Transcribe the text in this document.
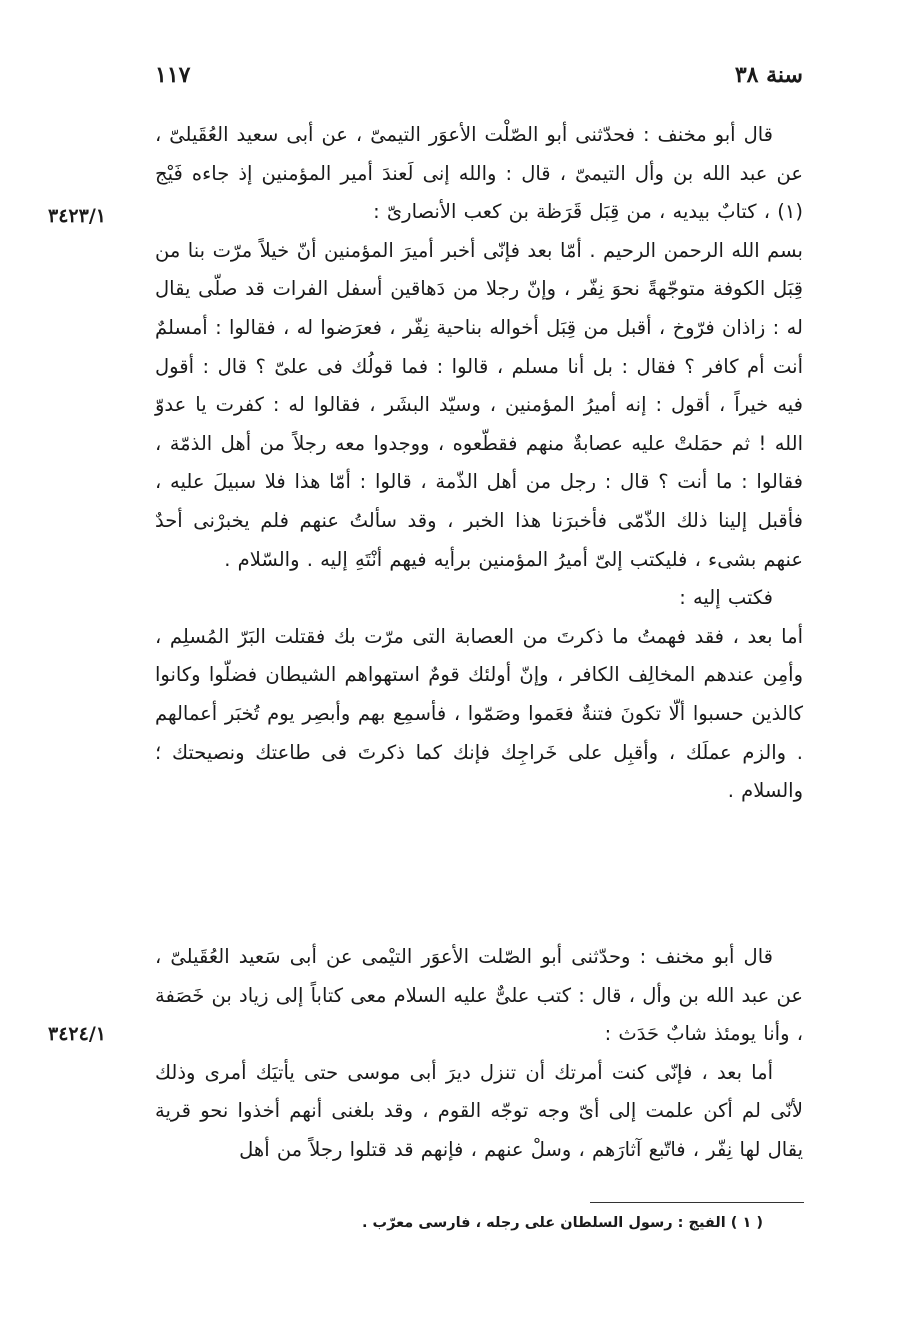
١١٧	سنة ٣٨
٣٤٢٣/١
٣٤٢٤/١

قال أبو مخنف : فحدّثنى أبو الصّلْت الأعوَر التيمىّ ، عن أبى سعيد العُقَيلىّ ، عن عبد الله بن وأل التيمىّ ، قال : والله إنى لَعندَ أمير المؤمنين إذ جاءه فَيْج (١) ، كتابٌ بيديه ، من قِبَل قَرَظة بن كعب الأنصارىّ :

بسم الله الرحمن الرحيم . أمّا بعد فإنّى أخبر أميرَ المؤمنين أنّ خيلاً مرّت بنا من قِبَل الكوفة متوجّهةً نحوَ نِفّر ، وإنّ رجلا من دَهاقين أسفل الفرات قد صلّى يقال له : زاذان فرّوخ ، أقبل من قِبَل أخواله بناحية نِفّر ، فعرَضوا له ، فقالوا : أمسلمٌ أنت أم كافر ؟ فقال : بل أنا مسلم ، قالوا : فما قولُك فى علىّ ؟ قال : أقول فيه خيراً ، أقول : إنه أميرُ المؤمنين ، وسيّد البشَر ، فقالوا له : كفرت يا عدوّ الله ! ثم حمَلتْ عليه عصابةٌ منهم فقطّعوه ، ووجدوا معه رجلاً من أهل الذمّة ، فقالوا : ما أنت ؟ قال : رجل من أهل الذّمة ، قالوا : أمّا هذا فلا سبيلَ عليه ، فأقبل إلينا ذلك الذّمّى فأخبرَنا هذا الخبر ، وقد سألتُ عنهم فلم يخبرْنى أحدٌ عنهم بشىء ، فليكتب إلىّ أميرُ المؤمنين برأيه فيهم أنْتَهِ إليه . والسّلام .

فكتب إليه :

أما بعد ، فقد فهمتُ ما ذكرتَ من العصابة التى مرّت بك فقتلت البَرّ المُسلِم ، وأمِن عندهم المخالِف الكافر ، وإنّ أولئك قومٌ استهواهم الشيطان فضلّوا وكانوا كالذين حسبوا ألّا تكونَ فتنةٌ فعَموا وصَمّوا ، فأسمِع بهم وأبصِر يوم تُخبَر أعمالهم . والزم عملَك ، وأقبِل على خَراجِك فإنك كما ذكرتَ فى طاعتك ونصيحتك ؛ والسلام .

قال أبو مخنف : وحدّثنى أبو الصّلت الأعوَر التيْمى عن أبى سَعيد العُقَيلىّ ، عن عبد الله بن وأل ، قال : كتب علىٌّ عليه السلام معى كتاباً إلى زياد بن خَصَفة ، وأنا يومئذ شابٌ حَدَث :

أما بعد ، فإنّى كنت أمرتك أن تنزل ديرَ أبى موسى حتى يأتيَك أمرى وذلك لأنّى لم أكن علمت إلى أىّ وجه توجّه القوم ، وقد بلغنى أنهم أخذوا نحو قرية يقال لها نِفّر ، فاتّبع آثارَهم ، وسلْ عنهم ، فإنهم قد قتلوا رجلاً من أهل

( ١ ) الفيج : رسول السلطان على رجله ، فارسى معرّب .
